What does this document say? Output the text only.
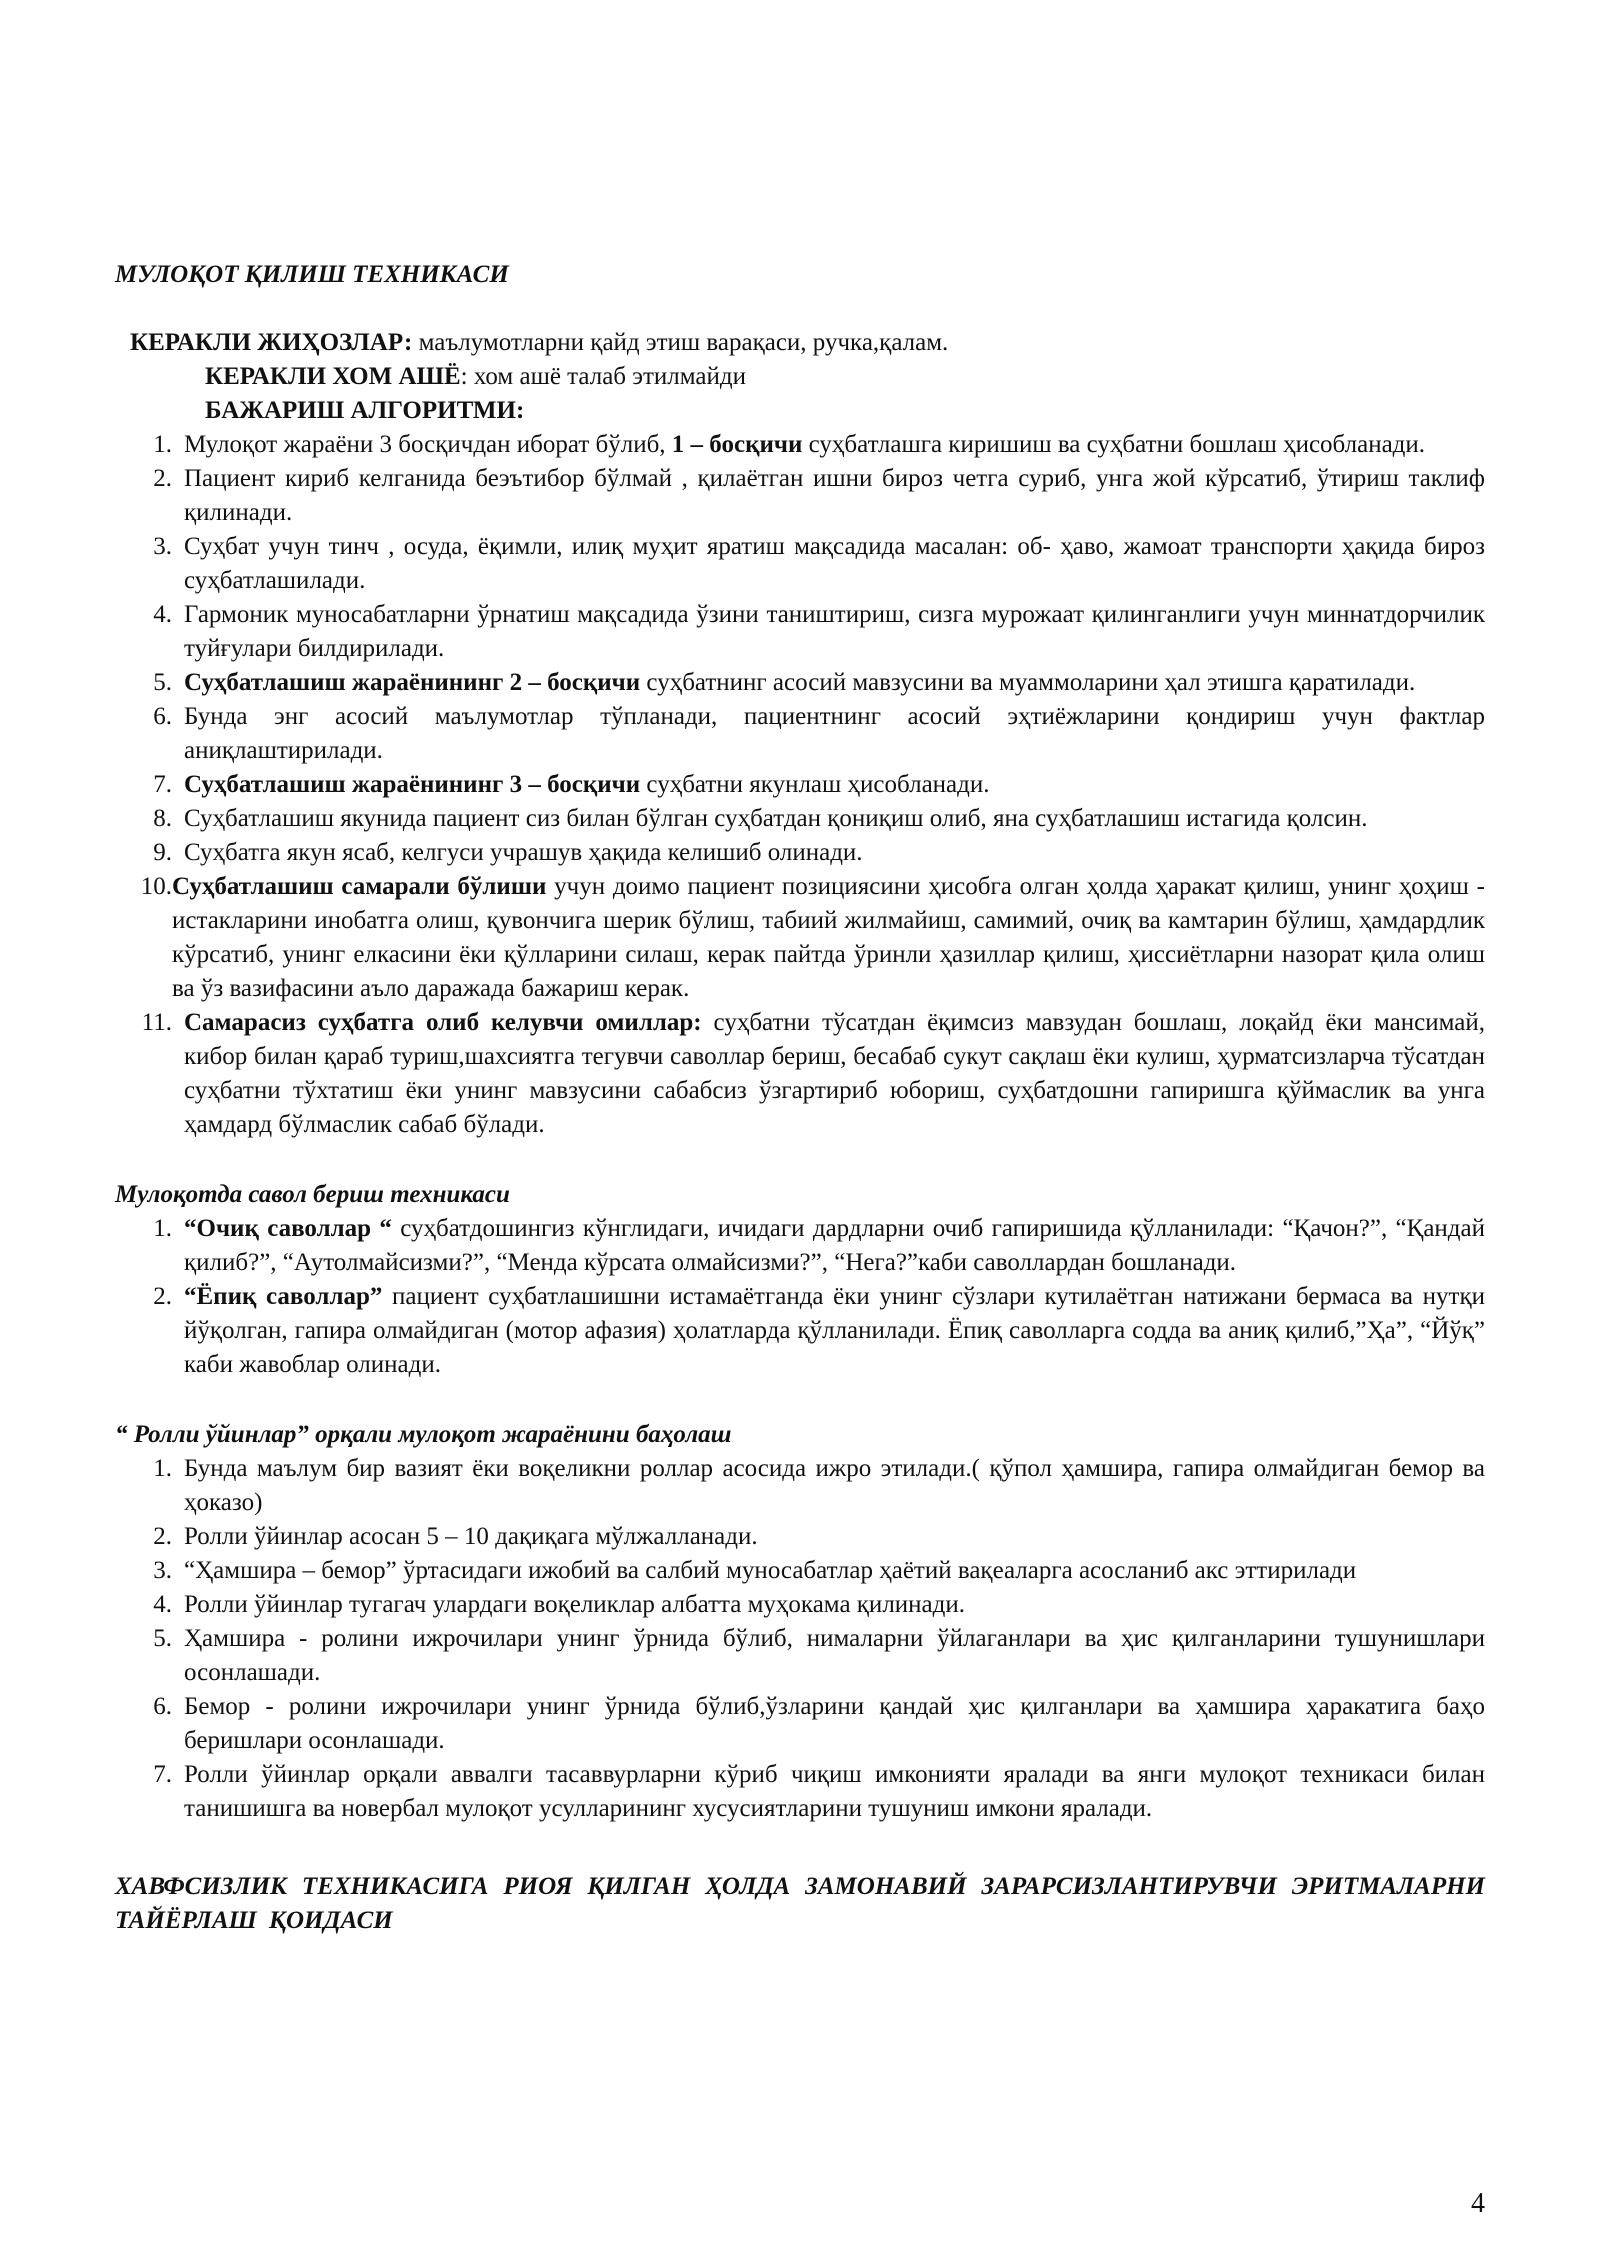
МУЛОҚОТ ҚИЛИШ ТЕХНИКАСИ
КЕРАКЛИ ЖИҲОЗЛАР: маълумотларни қайд этиш варақаси, ручка,қалам.
КЕРАКЛИ ХОМ АШЁ: хом ашё талаб этилмайди
БАЖАРИШ АЛГОРИТМИ:
1. Мулоқот жараёни 3 босқичдан иборат бўлиб, 1 – босқичи суҳбатлашга киришиш ва суҳбатни бошлаш ҳисобланади.
2. Пациент кириб келганида беэътибор бўлмай , қилаётган ишни бироз четга суриб, унга жой кўрсатиб, ўтириш таклиф қилинади.
3. Суҳбат учун тинч , осуда, ёқимли, илиқ муҳит яратиш мақсадида масалан: об- ҳаво, жамоат транспорти ҳақида бироз суҳбатлашилади.
4. Гармоник муносабатларни ўрнатиш мақсадида ўзини таништириш, сизга мурожаат қилинганлиги учун миннатдорчилик туйғулари билдирилади.
5. Суҳбатлашиш жараёнининг 2 – босқичи суҳбатнинг асосий мавзусини ва муаммоларини ҳал этишга қаратилади.
6. Бунда энг асосий маълумотлар тўпланади, пациентнинг асосий эҳтиёжларини қондириш учун фактлар аниқлаштирилади.
7. Суҳбатлашиш жараёнининг 3 – босқичи суҳбатни якунлаш ҳисобланади.
8. Суҳбатлашиш якунида пациент сиз билан бўлган суҳбатдан қониқиш олиб, яна суҳбатлашиш истагида қолсин.
9. Суҳбатга якун ясаб, келгуси учрашув ҳақида келишиб олинади.
10. Суҳбатлашиш самарали бўлиши учун доимо пациент позициясини ҳисобга олган ҳолда ҳаракат қилиш, унинг ҳоҳиш - истакларини инобатга олиш, қувончига шерик бўлиш, табиий жилмайиш, самимий, очиқ ва камтарин бўлиш, ҳамдардлик кўрсатиб, унинг елкасини ёки қўлларини силаш, керак пайтда ўринли ҳазиллар қилиш, ҳиссиётларни назорат қила олиш ва ўз вазифасини аъло даражада бажариш керак.
11. Самарасиз суҳбатга олиб келувчи омиллар: суҳбатни тўсатдан ёқимсиз мавзудан бошлаш, лоқайд ёки мансимай, кибор билан қараб туриш,шахсиятга тегувчи саволлар бериш, бесабаб сукут сақлаш ёки кулиш, ҳурматсизларча тўсатдан суҳбатни тўхтатиш ёки унинг мавзусини сабабсиз ўзгартириб юбориш, суҳбатдошни гапиришга қўймаслик ва унга ҳамдард бўлмаслик сабаб бўлади.
Мулоқотда савол бериш техникаси
1. “Очиқ саволлар “ суҳбатдошингиз кўнглидаги, ичидаги дардларни очиб гапиришида қўлланилади: “Қачон?”, “Қандай қилиб?”, “Аутолмайсизми?”, “Менда кўрсата олмайсизми?”, “Нега?”каби саволлардан бошланади.
2. “Ёпиқ саволлар” пациент суҳбатлашишни истамаётганда ёки унинг сўзлари кутилаётган натижани бермаса ва нутқи йўқолган, гапира олмайдиган (мотор афазия) ҳолатларда қўлланилади. Ёпиқ саволларга содда ва аниқ қилиб,”Ҳа”, “Йўқ” каби жавоблар олинади.
“ Ролли ўйинлар” орқали мулоқот жараёнини баҳолаш
1. Бунда маълум бир вазият ёки воқеликни роллар асосида ижро этилади.( қўпол ҳамшира, гапира олмайдиган бемор ва ҳоказо)
2. Ролли ўйинлар асосан 5 – 10 дақиқага мўлжалланади.
3. “Ҳамшира – бемор” ўртасидаги ижобий ва салбий муносабатлар ҳаётий вақеаларга асосланиб акс эттирилади
4. Ролли ўйинлар тугагач улардаги воқеликлар албатта муҳокама қилинади.
5. Ҳамшира - ролини ижрочилари унинг ўрнида бўлиб, нималарни ўйлаганлари ва ҳис қилганларини тушунишлари осонлашади.
6. Бемор - ролини ижрочилари унинг ўрнида бўлиб,ўзларини қандай ҳис қилганлари ва ҳамшира ҳаракатига баҳо беришлари осонлашади.
7. Ролли ўйинлар орқали аввалги тасаввурларни кўриб чиқиш имконияти яралади ва янги мулоқот техникаси билан танишишга ва новербал мулоқот усулларининг хусусиятларини тушуниш имкони яралади.
ХАВФСИЗЛИК ТЕХНИКАСИГА РИОЯ ҚИЛГАН ҲОЛДА ЗАМОНАВИЙ ЗАРАРСИЗЛАНТИРУВЧИ ЭРИТМАЛАРНИ ТАЙЁРЛАШ ҚОИДАСИ
4
